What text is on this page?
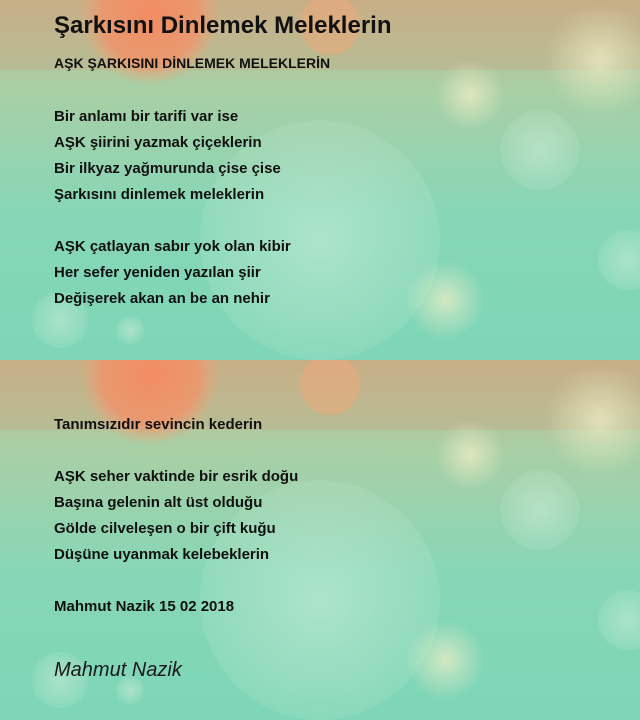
Şarkısını Dinlemek Meleklerin
AŞK ŞARKISINI DİNLEMEK MELEKLERİN
Bir anlamı bir tarifi var ise
AŞK şiirini yazmak çiçeklerin
Bir ilkyaz yağmurunda çise çise
Şarkısını dinlemek meleklerin
AŞK çatlayan sabır yok olan kibir
Her sefer yeniden yazılan şiir
Değişerek akan an be an nehir
Tanımsızıdır sevincin kederin
AŞK seher vaktinde bir esrik doğu
Başına gelenin alt üst olduğu
Gölde cilveleşen o bir çift kuğu
Düşüne uyanmak kelebeklerin
Mahmut Nazik 15 02 2018
Mahmut Nazik
